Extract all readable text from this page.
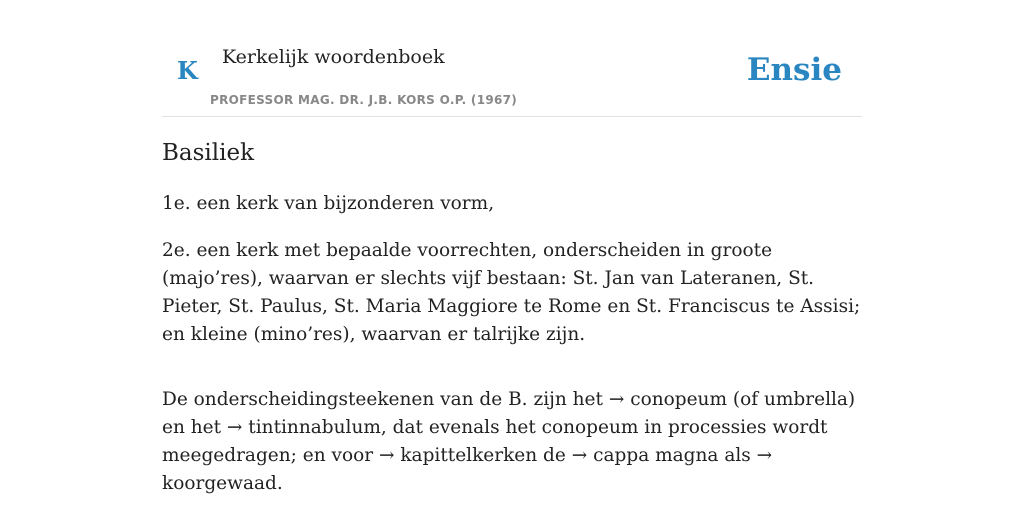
K Kerkelijk woordenboek
PROFESSOR MAG. DR. J.B. KORS O.P. (1967)
Ensie
Basiliek

1e. een kerk van bijzonderen vorm,

2e. een kerk met bepaalde voorrechten, onderscheiden in groote (majo’res), waarvan er slechts vijf bestaan: St. Jan van Lateranen, St. Pieter, St. Paulus, St. Maria Maggiore te Rome en St. Franciscus te Assisi; en kleine (mino’res), waarvan er talrijke zijn.

De onderscheidingsteekenen van de B. zijn het → conopeum (of umbrella) en het → tintinnabulum, dat evenals het conopeum in processies wordt meegedragen; en voor → kapittelkerken de → cappa magna als → koorgewaad.
